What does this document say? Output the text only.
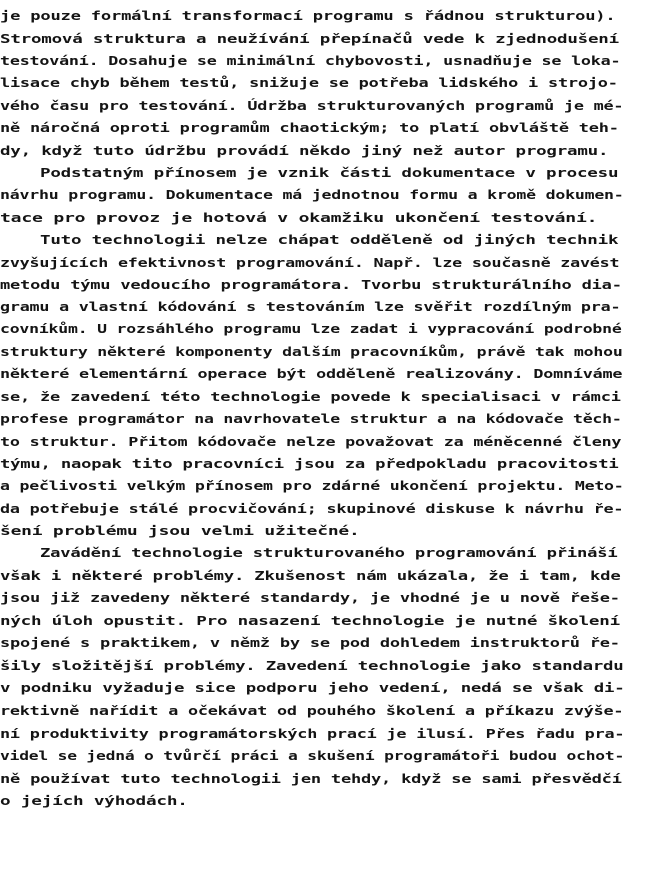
je pouze formální transformací programu s řádnou strukturou).
Stromová struktura a neužívání přepínačů vede k zjednodušení
testování. Dosahuje se minimální chybovosti, usnadňuje se loka-
lisace chyb během testů, snižuje se potřeba lidského i strojo-
vého času pro testování. Údržba strukturovaných programů je mé-
ně náročná oproti programům chaotickým; to platí obvláště teh-
dy, když tuto údržbu provádí někdo jiný než autor programu.
Podstatným přínosem je vznik části dokumentace v procesu
návrhu programu. Dokumentace má jednotnou formu a kromě dokumen-
tace pro provoz je hotová v okamžiku ukončení testování.
Tuto technologii nelze chápat odděleně od jiných technik
zvyšujících efektivnost programování. Např. lze současně zavést
metodu týmu vedoucího programátora. Tvorbu strukturálního dia-
gramu a vlastní kódování s testováním lze svěřit rozdílným pra-
covníkům. U rozsáhlého programu lze zadat i vypracování podrobné
struktury některé komponenty dalším pracovníkům, právě tak mohou
některé elementární operace být odděleně realizovány. Domníváme
se, že zavedení této technologie povede k specialisaci v rámci
profese programátor na navrhovatele struktur a na kódovače těch-
to struktur. Přitom kódovače nelze považovat za méněcenné členy
týmu, naopak tito pracovníci jsou za předpokladu pracovitosti
a pečlivosti velkým přínosem pro zdárné ukončení projektu. Meto-
da potřebuje stálé procvičování; skupinové diskuse k návrhu ře-
šení problému jsou velmi užitečné.
Zavádění technologie strukturovaného programování přináší
však i některé problémy. Zkušenost nám ukázala, že i tam, kde
jsou již zavedeny některé standardy, je vhodné je u nově řeše-
ných úloh opustit. Pro nasazení technologie je nutné školení
spojené s praktikem, v němž by se pod dohledem instruktorů ře-
šily složitější problémy. Zavedení technologie jako standardu
v podniku vyžaduje sice podporu jeho vedení, nedá se však di-
rektivně nařídit a očekávat od pouhého školení a příkazu zvýše-
ní produktivity programátorských prací je ilusí. Přes řadu pra-
videl se jedná o tvůrčí práci a skušení programátoři budou ochot-
ně používat tuto technologii jen tehdy, když se sami přesvědčí
o jejích výhodách.
